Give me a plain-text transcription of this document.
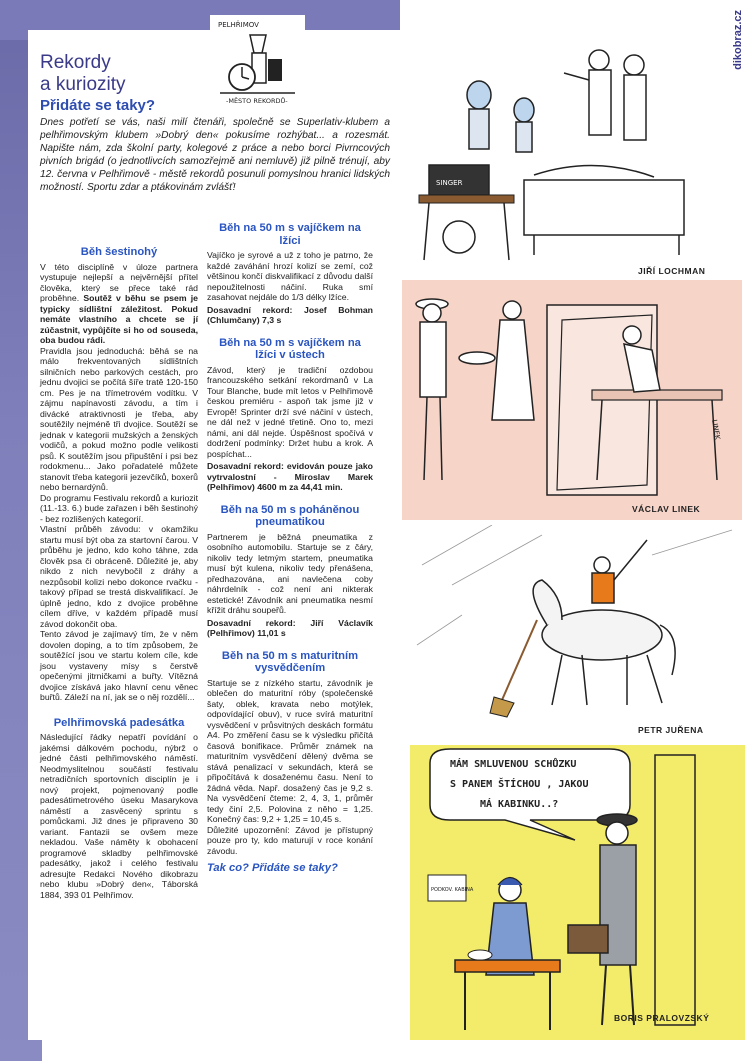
dikobraz.cz
Rekordy
a kuriozity
Přidáte se taky?
PELHŘIMOV
-MĚSTO REKORDŮ-
Dnes potřetí se vás, naši milí čtenáři, společně se Superlativ-klubem a pelhřimovským klubem »Dobrý den« pokusíme rozhýbat... a rozesmát. Napište nám, zda školní party, kolegové z práce a nebo borci Pivrncových pivních brigád (o jednotlivcích samozřejmě ani nemluvě) již pilně trénují, aby 12. června v Pelhřimově - městě rekordů posunuli pomyslnou hranici lidských možností. Sportu zdar a ptákovinám zvlášť!
Běh šestinohý

V této disciplíně v úloze partnera vystupuje nejlepší a nejvěrnější přítel člověka, který se přece také rád proběhne. Soutěž v běhu se psem je typicky sídlištní záležitost. Pokud nemáte vlastního a chcete se jí zúčastnit, vypůjčíte si ho od souseda, oba budou rádi.

Pravidla jsou jednoduchá: běhá se na málo frekventovaných sídlištních silničních nebo parkových cestách, pro jednu dvojici se počítá šíře tratě 120-150 cm. Pes je na třímetrovém vodítku. V zájmu napínavosti závodu, a tím i divácké atraktivnosti je třeba, aby soutěžily nejméně tři dvojice. Soutěží se jednak v kategorii mužských a ženských vodičů, a pokud možno podle velikosti psů. K soutěžím jsou připuštění i psi bez rodokmenu... Jako pořadatelé můžete stanovit třeba kategorii jezevčíků, boxerů nebo bernardýnů.

Do programu Festivalu rekordů a kuriozit (11.-13. 6.) bude zařazen i běh šestinohý - bez rozlišených kategorií.

Vlastní průběh závodu: v okamžiku startu musí být oba za startovní čarou. V průběhu je jedno, kdo koho táhne, zda člověk psa či obráceně. Důležité je, aby nikdo z nich nevybočil z dráhy a nezpůsobil kolizi nebo dokonce rvačku - takový případ se trestá diskvalifikací. Je úplně jedno, kdo z dvojice proběhne cílem dříve, v každém případě musí závod dokončit oba.

Tento závod je zajímavý tím, že v něm dovolen doping, a to tím způsobem, že soutěžící jsou ve startu kolem cíle, kde jsou vystaveny mísy s čerstvě opečenými jitrničkami a buřty. Vítězná dvojice získává jako hlavní cenu věnec buřtů. Záleží na ní, jak se o něj rozdělí...

Pelhřimovská padesátka

Následující řádky nepatří povídání o jakémsi dálkovém pochodu, nýbrž o jedné části pelhřimovského náměstí. Neodmyslitelnou součástí festivalu netradičních sportovních disciplín je i nový projekt, pojmenovaný podle padesátimetrového úseku Masarykova náměstí a zasvěcený sprintu s pomůckami. Již dnes je připraveno 30 variant. Fantazii se ovšem meze nekladou. Vaše náměty k obohacení programové skladby pelhřimovské padesátky, jakož i celého festivalu adresujte Redakci Nového dikobrazu nebo klubu »Dobrý den«, Táborská 1884, 393 01 Pelhřimov.

Běh na 50 m s vajíčkem na lžíci

Vajíčko je syrové a už z toho je patrno, že každé zaváhání hrozí kolizí se zemí, což většinou končí diskvalifikací z důvodu další nepoužitelnosti náčiní. Ruka smí zasahovat nejdále do 1/3 délky lžíce.

Dosavadní rekord: Josef Bohman (Chlumčany) 7,3 s

Běh na 50 m s vajíčkem na lžíci v ústech

Závod, který je tradiční ozdobou francouzského setkání rekordmanů v La Tour Blanche, bude mít letos v Pelhřimově českou premiéru - aspoň tak jsme již v Evropě! Sprinter drží své náčiní v ústech, ne dál než v jedné třetině. Ono to, mezi námi, ani dál nejde. Úspěšnost spočívá v dodržení podmínky: Držet hubu a krok. A pospíchat...

Dosavadní rekord: evidován pouze jako vytrvalostní - Miroslav Marek (Pelhřimov) 4600 m za 44,41 min.

Běh na 50 m s poháněnou pneumatikou

Partnerem je běžná pneumatika z osobního automobilu. Startuje se z čáry, nikoliv tedy letmým startem, pneumatika musí být kulena, nikoliv tedy přenášena, předhazována, ani navlečena coby náhrdelník - což není ani nikterak estetické! Závodník ani pneumatika nesmí křížit dráhu soupeřů.

Dosavadní rekord: Jiří Václavík (Pelhřimov) 11,01 s

Běh na 50 m s maturitním vysvědčením

Startuje se z nízkého startu, závodník je oblečen do maturitní róby (společenské šaty, oblek, kravata nebo motýlek, odpovídající obuv), v ruce svírá maturitní vysvědčení v průsvitných deskách formátu A4. Po změření času se k výsledku přičítá časová bonifikace. Průměr známek na maturitním vysvědčení dělený dvěma se stává penalizací v sekundách, která se připočítává k dosaženému času. Není to žádná věda. Např. dosažený čas je 9,2 s. Na vysvědčení čteme: 2, 4, 3, 1, průměr tedy činí 2,5. Polovina z něho = 1,25. Konečný čas: 9,2 + 1,25 = 10,45 s.

Důležité upozornění: Závod je přístupný pouze pro ty, kdo maturují v roce konání závodu.

Tak co? Přidáte se taky?
SINGER
JIŘÍ LOCHMAN
LINEK
VÁCLAV LINEK
PETR JUŘENA
MÁM SMLUVENOU SCHŮZKU
S PANEM ŠTÍCHOU , JAKOU
MÁ KABINKU..?
PODKOV. KABINA
BORIS PRALOVZSKÝ
